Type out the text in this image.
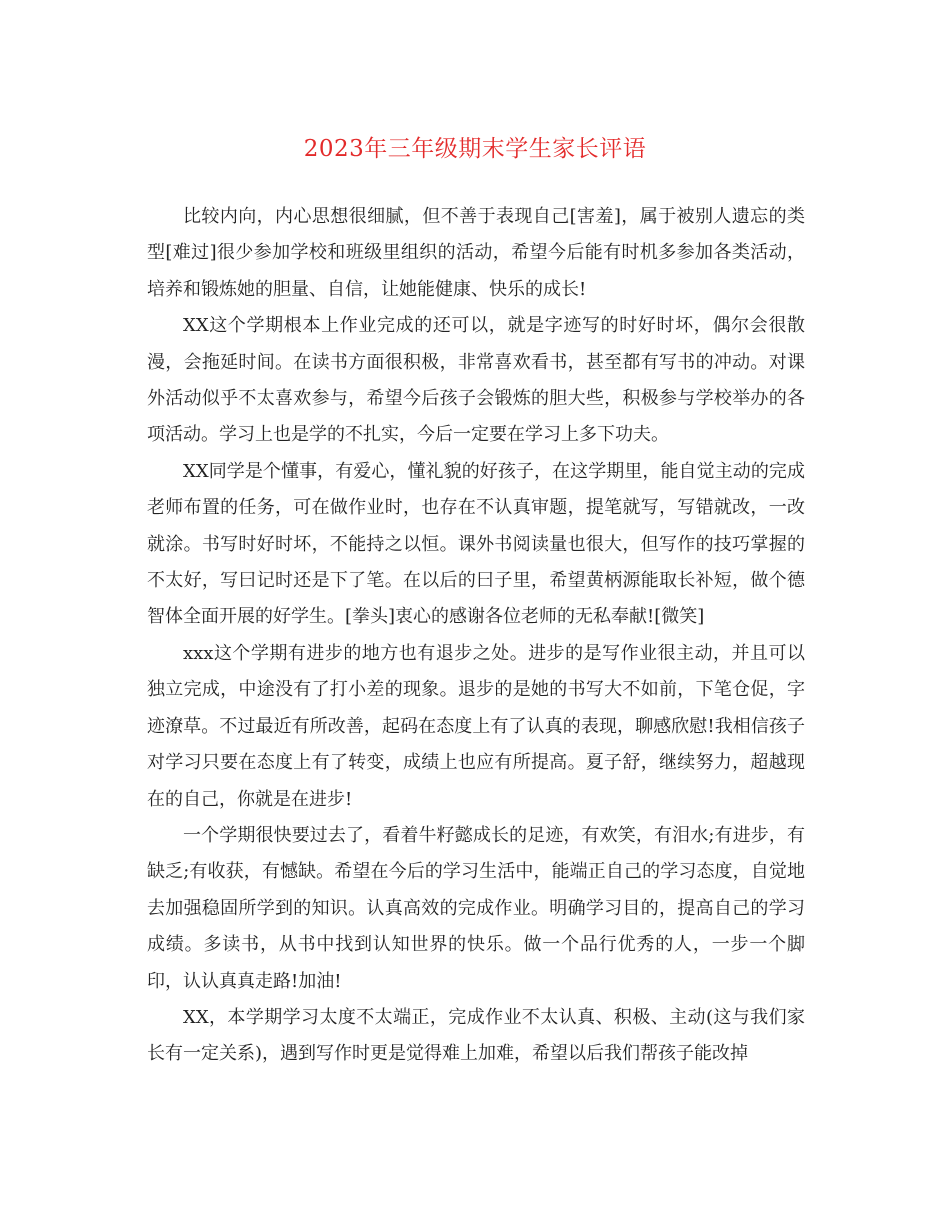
2023年三年级期末学生家长评语

比较内向，内心思想很细腻，但不善于表现自己[害羞]，属于被别人遗忘的类型[难过]很少参加学校和班级里组织的活动，希望今后能有时机多参加各类活动，培养和锻炼她的胆量、自信，让她能健康、快乐的成长!

XX这个学期根本上作业完成的还可以，就是字迹写的时好时坏，偶尔会很散漫，会拖延时间。在读书方面很积极，非常喜欢看书，甚至都有写书的冲动。对课外活动似乎不太喜欢参与，希望今后孩子会锻炼的胆大些，积极参与学校举办的各项活动。学习上也是学的不扎实，今后一定要在学习上多下功夫。

XX同学是个懂事，有爱心，懂礼貌的好孩子，在这学期里，能自觉主动的完成老师布置的任务，可在做作业时，也存在不认真审题，提笔就写，写错就改，一改就涂。书写时好时坏，不能持之以恒。课外书阅读量也很大，但写作的技巧掌握的不太好，写曰记时还是下了笔。在以后的曰子里，希望黄柄源能取长补短，做个德智体全面开展的好学生。[拳头]衷心的感谢各位老师的无私奉献![微笑]

xxx这个学期有进步的地方也有退步之处。进步的是写作业很主动，并且可以独立完成，中途没有了打小差的现象。退步的是她的书写大不如前，下笔仓促，字迹潦草。不过最近有所改善，起码在态度上有了认真的表现，聊感欣慰!我相信孩子对学习只要在态度上有了转变，成绩上也应有所提高。夏子舒，继续努力，超越现在的自己，你就是在进步!

一个学期很快要过去了，看着牛籽懿成长的足迹，有欢笑，有泪水;有进步，有缺乏;有收获，有憾缺。希望在今后的学习生活中，能端正自己的学习态度，自觉地去加强稳固所学到的知识。认真高效的完成作业。明确学习目的，提高自己的学习成绩。多读书，从书中找到认知世界的快乐。做一个品行优秀的人，一步一个脚印，认认真真走路!加油!

XX，本学期学习太度不太端正，完成作业不太认真、积极、主动(这与我们家长有一定关系)，遇到写作时更是觉得难上加难，希望以后我们帮孩子能改掉
